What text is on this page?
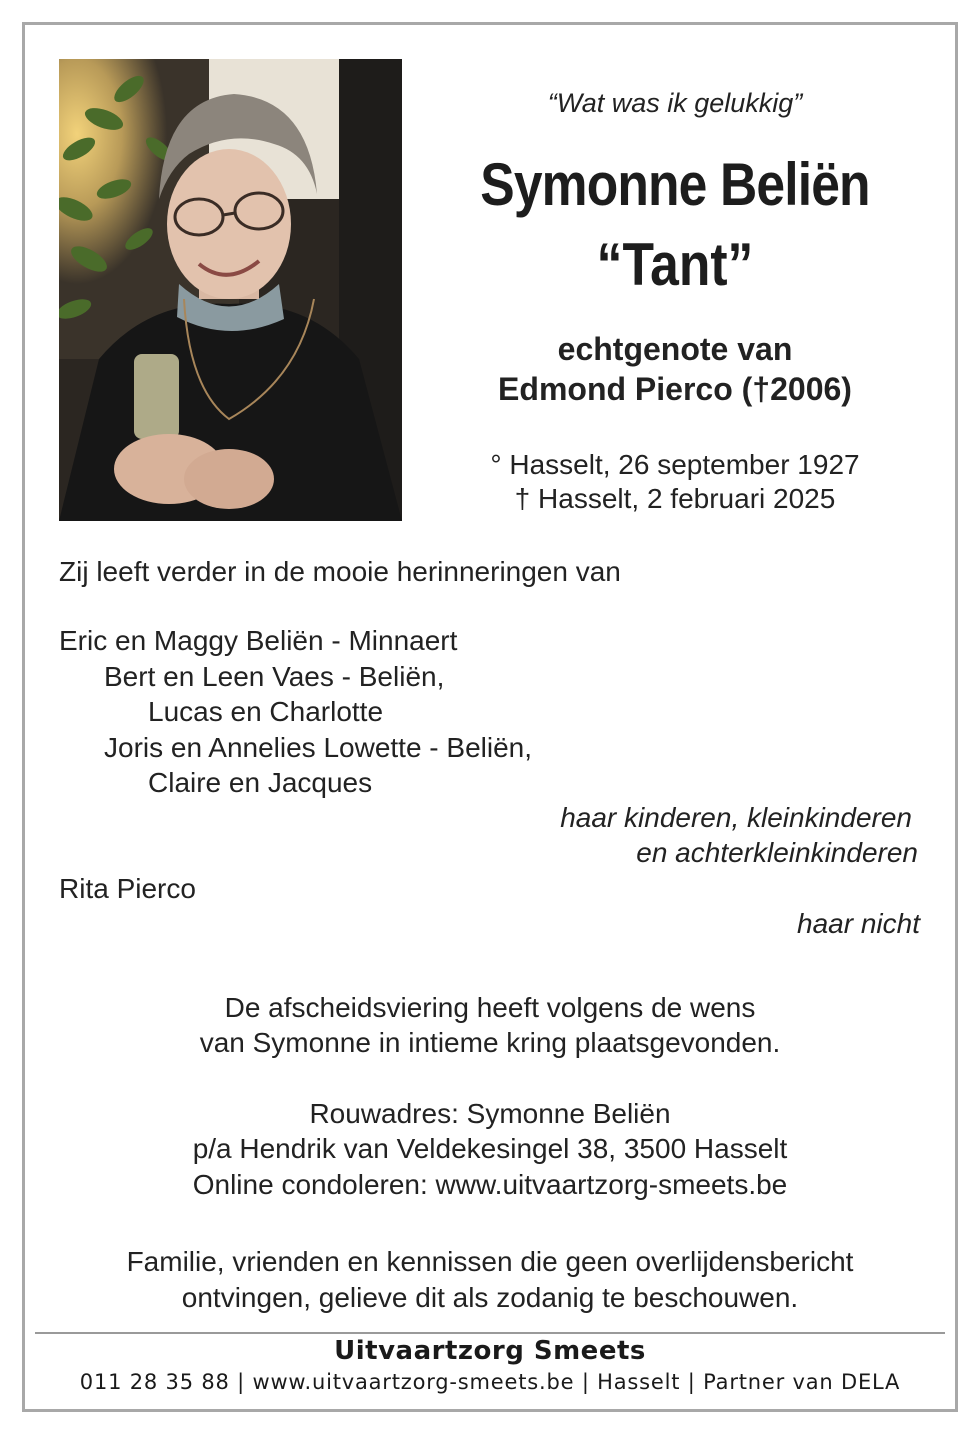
“Wat was ik gelukkig”
Symonne Beliën
“Tant”
echtgenote van
Edmond Pierco (†2006)
° Hasselt, 26 september 1927
† Hasselt, 2 februari 2025
Zij leeft verder in de mooie herinneringen van
Eric en Maggy Beliën - Minnaert
Bert en Leen Vaes - Beliën,
Lucas en Charlotte
Joris en Annelies Lowette - Beliën,
Claire en Jacques
haar kinderen, kleinkinderen
en achterkleinkinderen
Rita Pierco
haar nicht
De afscheidsviering heeft volgens de wens
van Symonne in intieme kring plaatsgevonden.
Rouwadres: Symonne Beliën
p/a Hendrik van Veldekesingel 38, 3500 Hasselt
Online condoleren: www.uitvaartzorg-smeets.be
Familie, vrienden en kennissen die geen overlijdensbericht
ontvingen, gelieve dit als zodanig te beschouwen.
Uitvaartzorg Smeets
011 28 35 88 | www.uitvaartzorg-smeets.be | Hasselt | Partner van DELA
